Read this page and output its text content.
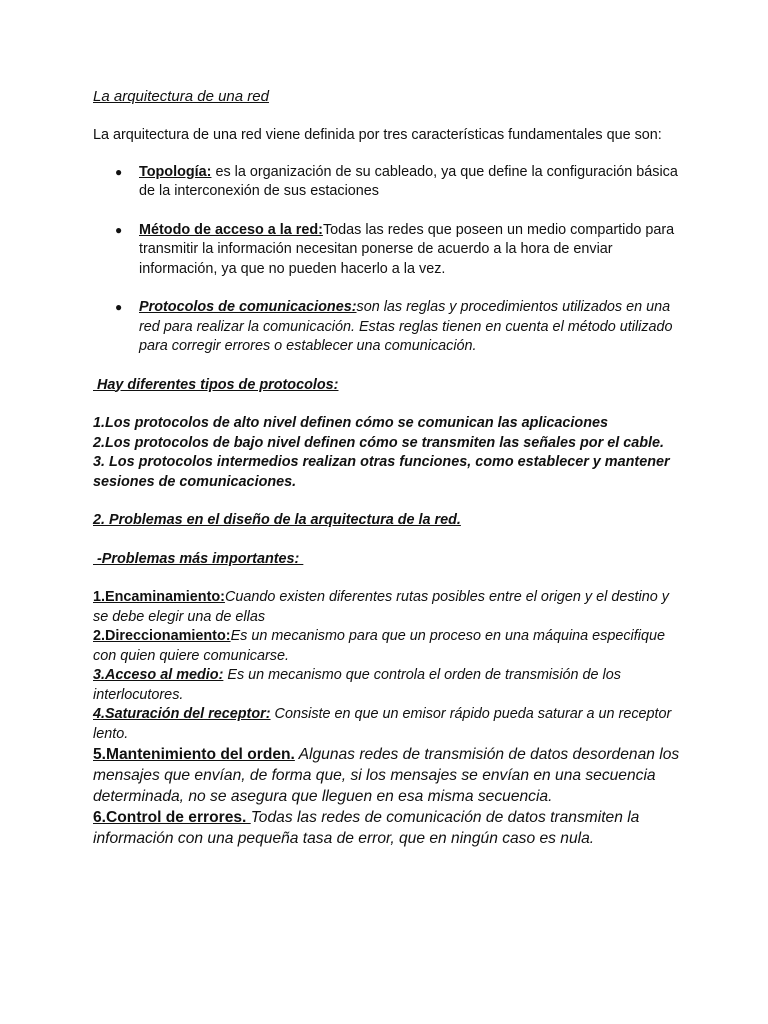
La arquitectura de una red

La arquitectura de una red viene definida por tres características fundamentales que son:

● Topología: es la organización de su cableado, ya que define la configuración básica de la interconexión de sus estaciones
● Método de acceso a la red:Todas las redes que poseen un medio compartido para transmitir la información necesitan ponerse de acuerdo a la hora de enviar información, ya que no pueden hacerlo a la vez.
● Protocolos de comunicaciones:son las reglas y procedimientos utilizados en una red para realizar la comunicación. Estas reglas tienen en cuenta el método utilizado para corregir errores o establecer una comunicación.

Hay diferentes tipos de protocolos:

1.Los protocolos de alto nivel definen cómo se comunican las aplicaciones
2.Los protocolos de bajo nivel definen cómo se transmiten las señales por el cable.
3. Los protocolos intermedios realizan otras funciones, como establecer y mantener sesiones de comunicaciones.

2. Problemas en el diseño de la arquitectura de la red.

-Problemas más importantes:

1.Encaminamiento:Cuando existen diferentes rutas posibles entre el origen y el destino y se debe elegir una de ellas
2.Direccionamiento:Es un mecanismo para que un proceso en una máquina especifique con quien quiere comunicarse.
3.Acceso al medio: Es un mecanismo que controla el orden de transmisión de los interlocutores.
4.Saturación del receptor: Consiste en que un emisor rápido pueda saturar a un receptor lento.
5.Mantenimiento del orden. Algunas redes de transmisión de datos desordenan los mensajes que envían, de forma que, si los mensajes se envían en una secuencia determinada, no se asegura que lleguen en esa misma secuencia.
6.Control de errores. Todas las redes de comunicación de datos transmiten la información con una pequeña tasa de error, que en ningún caso es nula.
